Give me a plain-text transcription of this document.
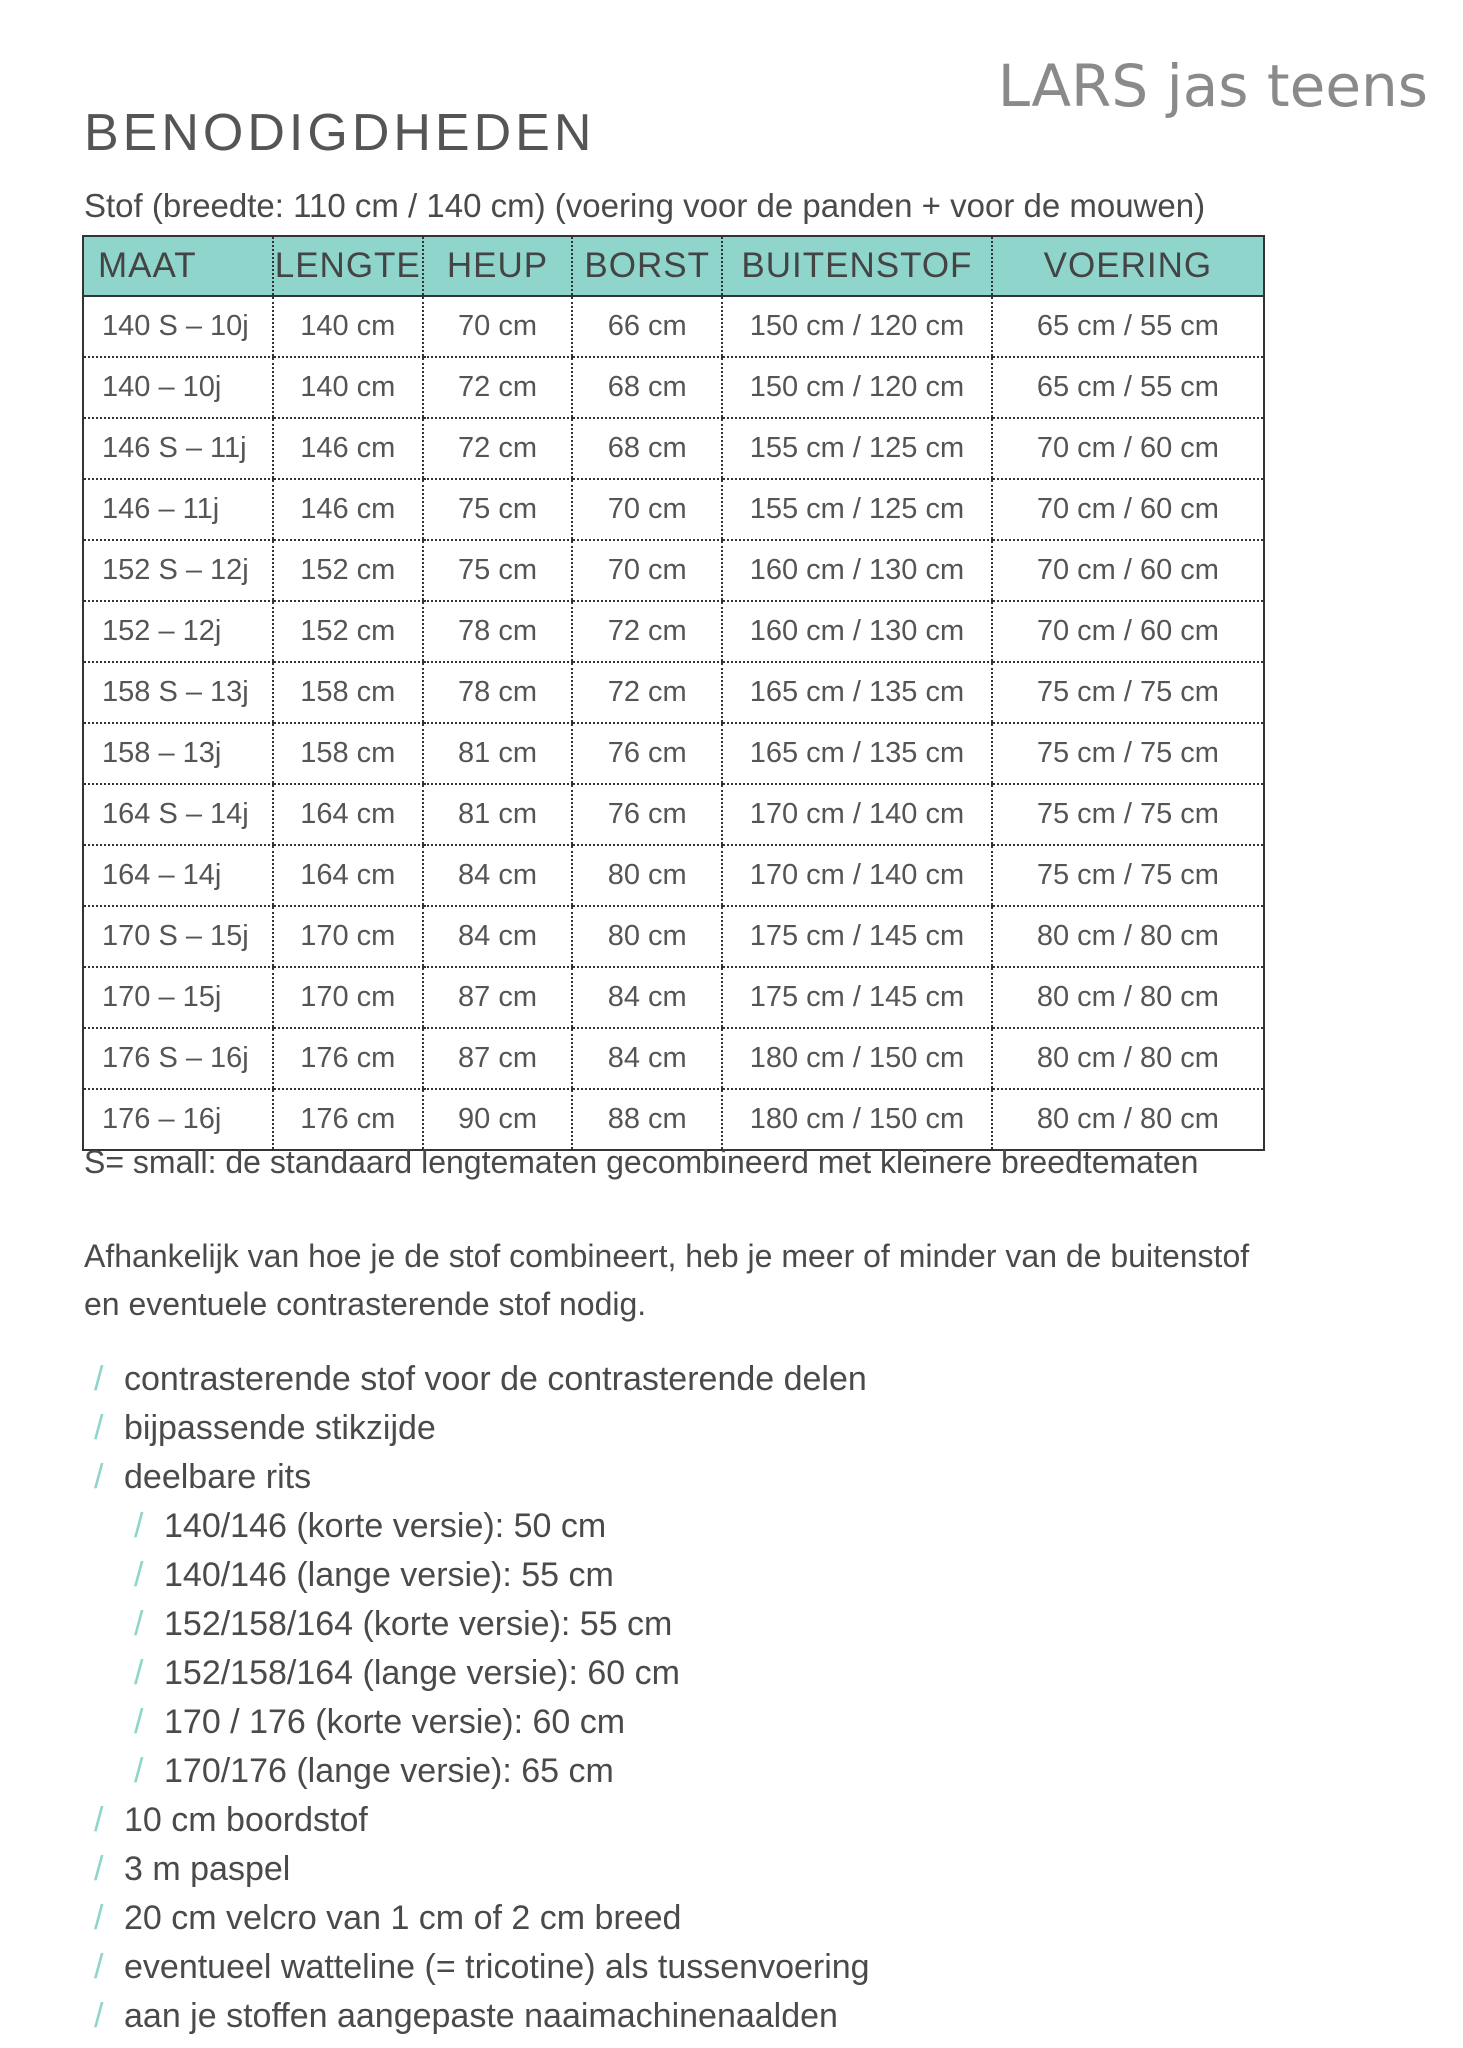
LARS jas teens
BENODIGDHEDEN
Stof (breedte: 110 cm / 140 cm) (voering voor de panden + voor de mouwen)
MAAT	LENGTE	HEUP	BORST	BUITENSTOF	VOERING
140 S – 10j	140 cm	70 cm	66 cm	150 cm / 120 cm	65 cm / 55 cm
140 – 10j	140 cm	72 cm	68 cm	150 cm / 120 cm	65 cm / 55 cm
146 S – 11j	146 cm	72 cm	68 cm	155 cm / 125 cm	70 cm / 60 cm
146 – 11j	146 cm	75 cm	70 cm	155 cm / 125 cm	70 cm / 60 cm
152 S – 12j	152 cm	75 cm	70 cm	160 cm / 130 cm	70 cm / 60 cm
152 – 12j	152 cm	78 cm	72 cm	160 cm / 130 cm	70 cm / 60 cm
158 S – 13j	158 cm	78 cm	72 cm	165 cm / 135 cm	75 cm / 75 cm
158 – 13j	158 cm	81 cm	76 cm	165 cm / 135 cm	75 cm / 75 cm
164 S – 14j	164 cm	81 cm	76 cm	170 cm / 140 cm	75 cm / 75 cm
164 – 14j	164 cm	84 cm	80 cm	170 cm / 140 cm	75 cm / 75 cm
170 S – 15j	170 cm	84 cm	80 cm	175 cm / 145 cm	80 cm / 80 cm
170 – 15j	170 cm	87 cm	84 cm	175 cm / 145 cm	80 cm / 80 cm
176 S – 16j	176 cm	87 cm	84 cm	180 cm / 150 cm	80 cm / 80 cm
176 – 16j	176 cm	90 cm	88 cm	180 cm / 150 cm	80 cm / 80 cm
S= small: de standaard lengtematen gecombineerd met kleinere breedtematen
Afhankelijk van hoe je de stof combineert, heb je meer of minder van de buitenstof
en eventuele contrasterende stof nodig.
/ contrasterende stof voor de contrasterende delen
/ bijpassende stikzijde
/ deelbare rits
/ 140/146 (korte versie): 50 cm
/ 140/146 (lange versie): 55 cm
/ 152/158/164 (korte versie): 55 cm
/ 152/158/164 (lange versie): 60 cm
/ 170 / 176 (korte versie): 60 cm
/ 170/176 (lange versie): 65 cm
/ 10 cm boordstof
/ 3 m paspel
/ 20 cm velcro van 1 cm of 2 cm breed
/ eventueel watteline (= tricotine) als tussenvoering
/ aan je stoffen aangepaste naaimachinenaalden
